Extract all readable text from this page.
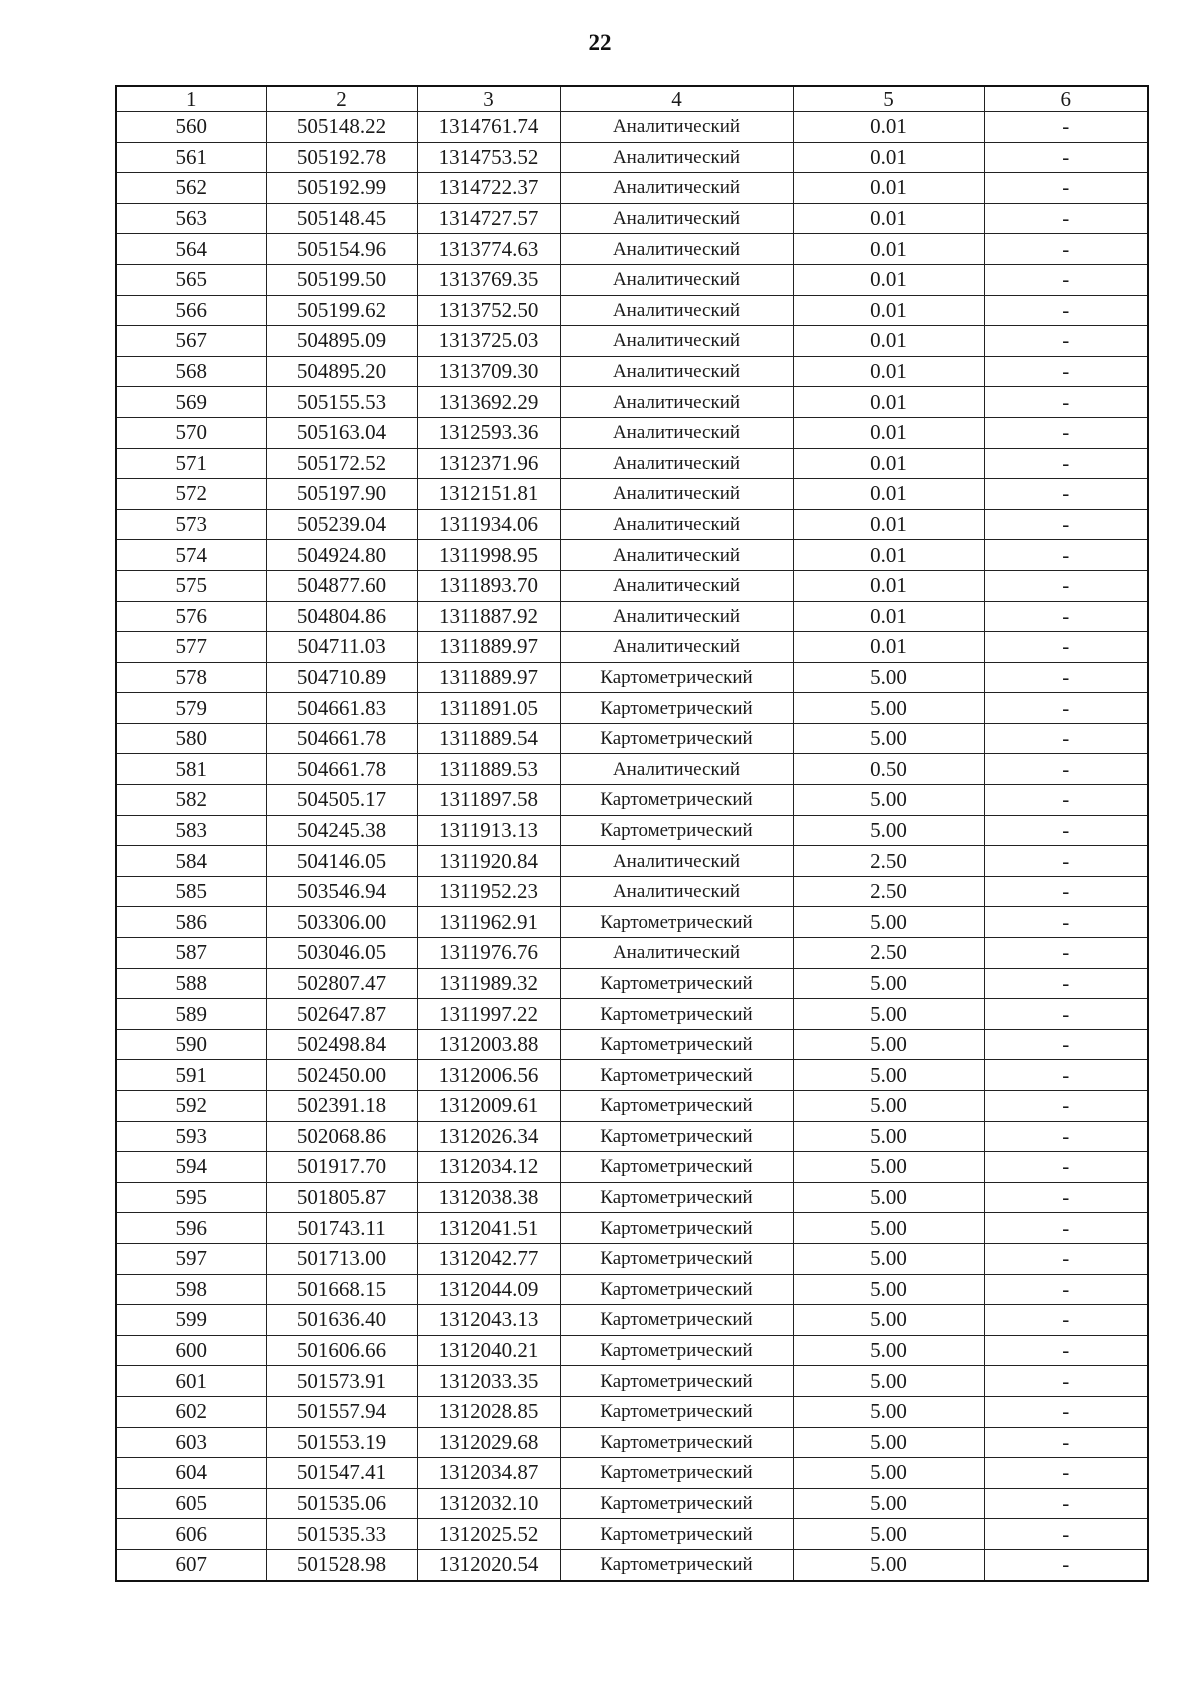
22
1	2	3	4	5	6
560	505148.22	1314761.74	Аналитический	0.01	-
561	505192.78	1314753.52	Аналитический	0.01	-
562	505192.99	1314722.37	Аналитический	0.01	-
563	505148.45	1314727.57	Аналитический	0.01	-
564	505154.96	1313774.63	Аналитический	0.01	-
565	505199.50	1313769.35	Аналитический	0.01	-
566	505199.62	1313752.50	Аналитический	0.01	-
567	504895.09	1313725.03	Аналитический	0.01	-
568	504895.20	1313709.30	Аналитический	0.01	-
569	505155.53	1313692.29	Аналитический	0.01	-
570	505163.04	1312593.36	Аналитический	0.01	-
571	505172.52	1312371.96	Аналитический	0.01	-
572	505197.90	1312151.81	Аналитический	0.01	-
573	505239.04	1311934.06	Аналитический	0.01	-
574	504924.80	1311998.95	Аналитический	0.01	-
575	504877.60	1311893.70	Аналитический	0.01	-
576	504804.86	1311887.92	Аналитический	0.01	-
577	504711.03	1311889.97	Аналитический	0.01	-
578	504710.89	1311889.97	Картометрический	5.00	-
579	504661.83	1311891.05	Картометрический	5.00	-
580	504661.78	1311889.54	Картометрический	5.00	-
581	504661.78	1311889.53	Аналитический	0.50	-
582	504505.17	1311897.58	Картометрический	5.00	-
583	504245.38	1311913.13	Картометрический	5.00	-
584	504146.05	1311920.84	Аналитический	2.50	-
585	503546.94	1311952.23	Аналитический	2.50	-
586	503306.00	1311962.91	Картометрический	5.00	-
587	503046.05	1311976.76	Аналитический	2.50	-
588	502807.47	1311989.32	Картометрический	5.00	-
589	502647.87	1311997.22	Картометрический	5.00	-
590	502498.84	1312003.88	Картометрический	5.00	-
591	502450.00	1312006.56	Картометрический	5.00	-
592	502391.18	1312009.61	Картометрический	5.00	-
593	502068.86	1312026.34	Картометрический	5.00	-
594	501917.70	1312034.12	Картометрический	5.00	-
595	501805.87	1312038.38	Картометрический	5.00	-
596	501743.11	1312041.51	Картометрический	5.00	-
597	501713.00	1312042.77	Картометрический	5.00	-
598	501668.15	1312044.09	Картометрический	5.00	-
599	501636.40	1312043.13	Картометрический	5.00	-
600	501606.66	1312040.21	Картометрический	5.00	-
601	501573.91	1312033.35	Картометрический	5.00	-
602	501557.94	1312028.85	Картометрический	5.00	-
603	501553.19	1312029.68	Картометрический	5.00	-
604	501547.41	1312034.87	Картометрический	5.00	-
605	501535.06	1312032.10	Картометрический	5.00	-
606	501535.33	1312025.52	Картометрический	5.00	-
607	501528.98	1312020.54	Картометрический	5.00	-
